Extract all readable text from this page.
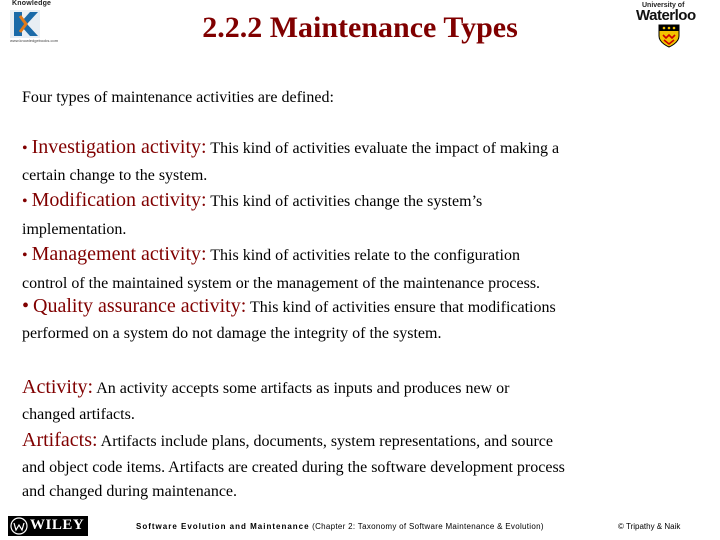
Knowledge
www.knowledgebooks.com	2.2.2 Maintenance Types
University of
Waterloo
Four types of maintenance activities are defined:
• Investigation activity: This kind of activities evaluate the impact of making a
certain change to the system.
• Modification activity: This kind of activities change the system’s
implementation.
• Management activity: This kind of activities relate to the configuration
control of the maintained system or the management of the maintenance process.
• Quality assurance activity: This kind of activities ensure that modifications
performed on a system do not damage the integrity of the system.
Activity: An activity accepts some artifacts as inputs and produces new or
changed artifacts.
Artifacts: Artifacts include plans, documents, system representations, and source
and object code items. Artifacts are created during the software development process
and changed during maintenance.
WILEY	Software Evolution and Maintenance (Chapter 2: Taxonomy of Software Maintenance & Evolution)	© Tripathy & Naik
